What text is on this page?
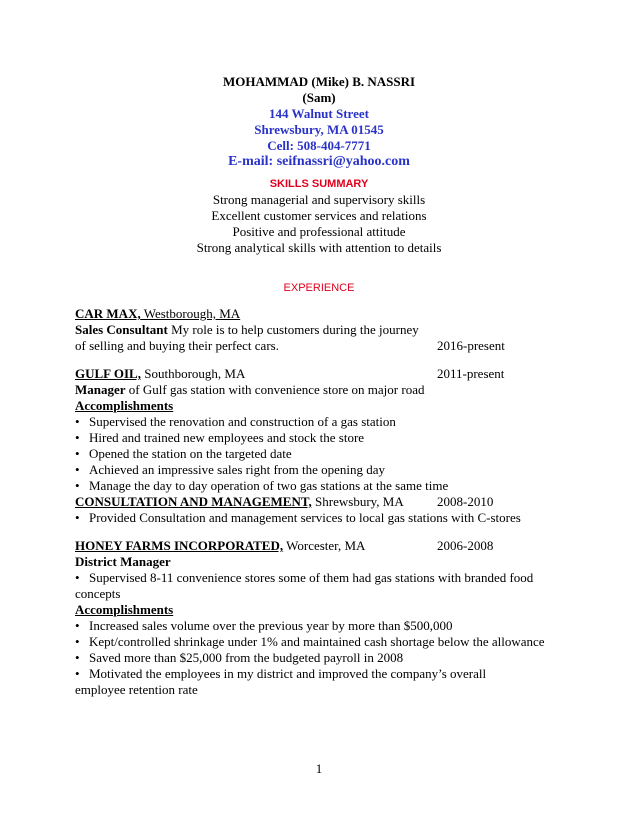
MOHAMMAD (Mike) B. NASSRI
(Sam)
144 Walnut Street
Shrewsbury, MA 01545
Cell: 508-404-7771
E-mail: seifnassri@yahoo.com
SKILLS SUMMARY
Strong managerial and supervisory skills
Excellent customer services and relations
Positive and professional attitude
Strong analytical skills with attention to details
EXPERIENCE
CAR MAX, Westborough, MA
Sales Consultant My role is to help customers during the journey
of selling and buying their perfect cars.	2016-present
GULF OIL, Southborough, MA	2011-present
Manager of Gulf gas station with convenience store on major road
Accomplishments
• Supervised the renovation and construction of a gas station
• Hired and trained new employees and stock the store
• Opened the station on the targeted date
• Achieved an impressive sales right from the opening day
• Manage the day to day operation of two gas stations at the same time
CONSULTATION AND MANAGEMENT, Shrewsbury, MA	2008-2010
• Provided Consultation and management services to local gas stations with C-stores
HONEY FARMS INCORPORATED, Worcester, MA	2006-2008
District Manager
• Supervised 8-11 convenience stores some of them had gas stations with branded food concepts
Accomplishments
• Increased sales volume over the previous year by more than $500,000
• Kept/controlled shrinkage under 1% and maintained cash shortage below the allowance
• Saved more than $25,000 from the budgeted payroll in 2008
• Motivated the employees in my district and improved the company’s overall employee retention rate
1
